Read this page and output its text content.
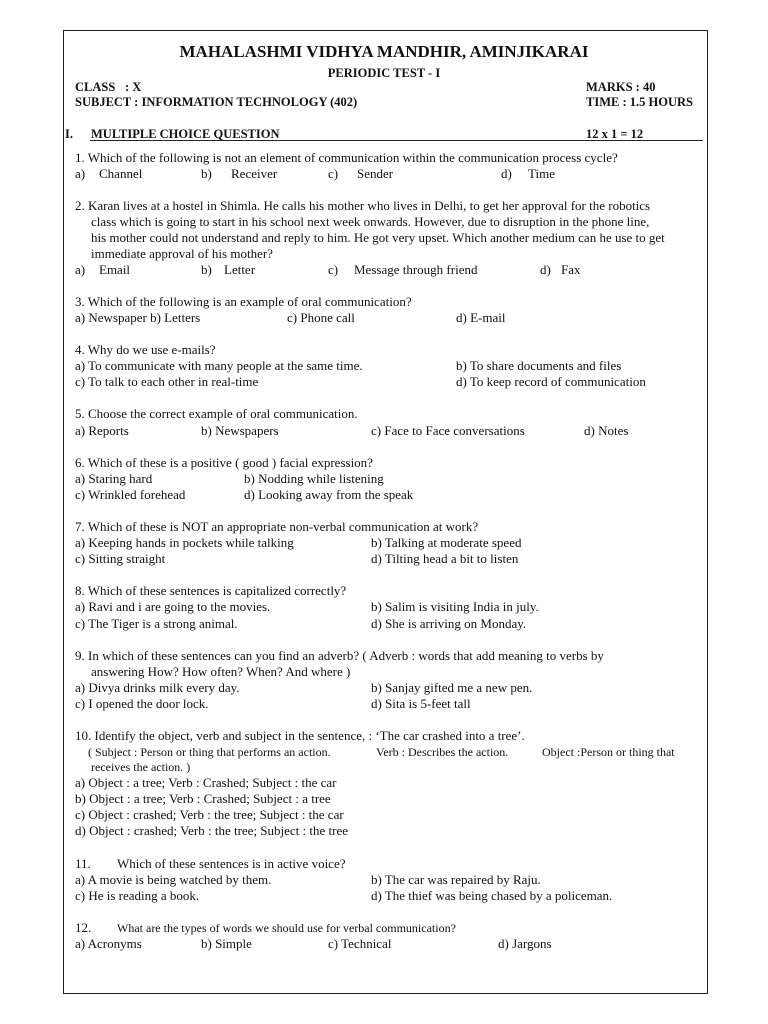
MAHALASHMI VIDHYA MANDHIR, AMINJIKARAI
PERIODIC TEST - I
CLASS : X
SUBJECT : INFORMATION TECHNOLOGY (402)
MARKS : 40
TIME : 1.5 HOURS
I. MULTIPLE CHOICE QUESTION	12 x 1 = 12
1. Which of the following is not an element of communication within the communication process cycle?
a) Channel	b) Receiver	c) Sender	d) Time
2. Karan lives at a hostel in Shimla. He calls his mother who lives in Delhi, to get her approval for the robotics
class which is going to start in his school next week onwards. However, due to disruption in the phone line,
his mother could not understand and reply to him. He got very upset. Which another medium can he use to get
immediate approval of his mother?
a) Email	b) Letter	c) Message through friend	d) Fax
3. Which of the following is an example of oral communication?
a) Newspaper b) Letters	c) Phone call	d) E-mail
4. Why do we use e-mails?
a) To communicate with many people at the same time.	b) To share documents and files
c) To talk to each other in real-time	d) To keep record of communication
5. Choose the correct example of oral communication.
a) Reports	b) Newspapers	c) Face to Face conversations	d) Notes
6. Which of these is a positive ( good ) facial expression?
a) Staring hard	b) Nodding while listening
c) Wrinkled forehead	d) Looking away from the speak
7. Which of these is NOT an appropriate non-verbal communication at work?
a) Keeping hands in pockets while talking	b) Talking at moderate speed
c) Sitting straight	d) Tilting head a bit to listen
8. Which of these sentences is capitalized correctly?
a) Ravi and i are going to the movies.	b) Salim is visiting India in july.
c) The Tiger is a strong animal.	d) She is arriving on Monday.
9. In which of these sentences can you find an adverb? ( Adverb : words that add meaning to verbs by
answering How? How often? When? And where )
a) Divya drinks milk every day.	b) Sanjay gifted me a new pen.
c) I opened the door lock.	d) Sita is 5-feet tall
10. Identify the object, verb and subject in the sentence, : ‘The car crashed into a tree’.
( Subject : Person or thing that performs an action.	Verb : Describes the action.	Object :Person or thing that
receives the action. )
a) Object : a tree; Verb : Crashed; Subject : the car
b) Object : a tree; Verb : Crashed; Subject : a tree
c) Object : crashed; Verb : the tree; Subject : the car
d) Object : crashed; Verb : the tree; Subject : the tree
11. Which of these sentences is in active voice?
a) A movie is being watched by them.	b) The car was repaired by Raju.
c) He is reading a book.	d) The thief was being chased by a policeman.
12. What are the types of words we should use for verbal communication?
a) Acronyms	b) Simple	c) Technical	d) Jargons
